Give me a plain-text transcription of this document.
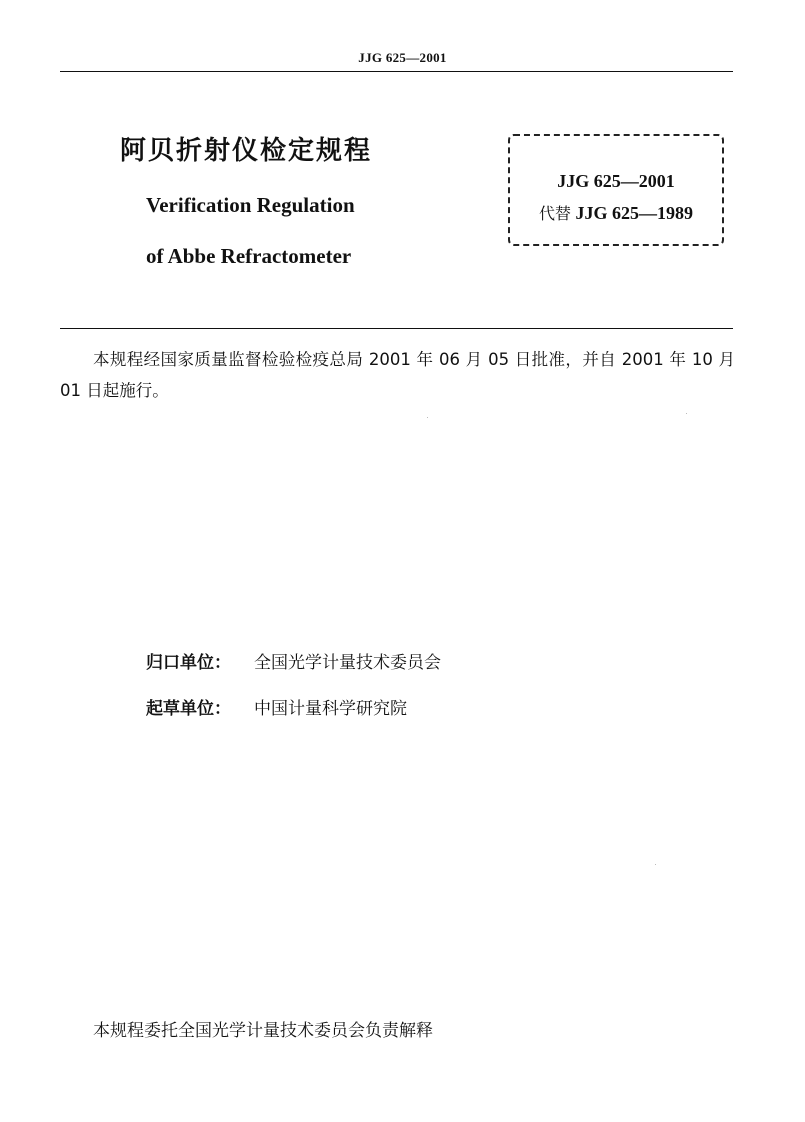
JJG 625—2001
阿贝折射仪检定规程
Verification Regulation
of Abbe Refractometer
JJG 625—2001
代替 JJG 625—1989
本规程经国家质量监督检验检疫总局 2001 年 06 月 05 日批准，并自 2001 年 10 月 01 日起施行。
归口单位： 全国光学计量技术委员会
起草单位： 中国计量科学研究院
本规程委托全国光学计量技术委员会负责解释
